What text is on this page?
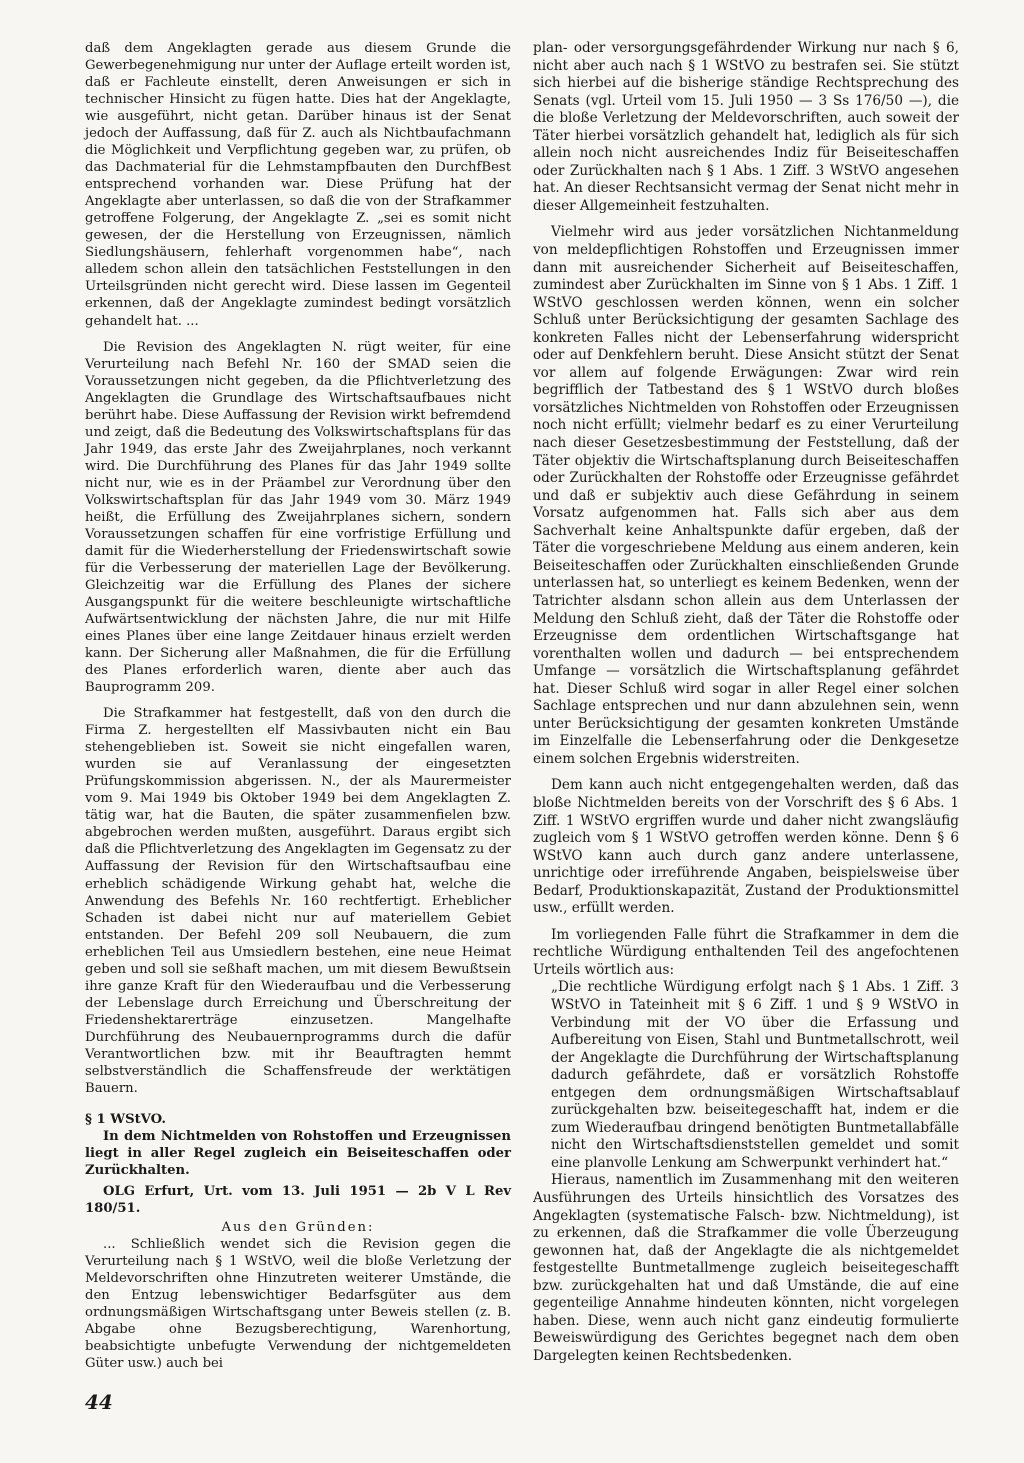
daß dem Angeklagten gerade aus diesem Grunde die Gewerbegenehmigung nur unter der Auflage erteilt worden ist, daß er Fachleute einstellt, deren Anweisungen er sich in technischer Hinsicht zu fügen hatte. Dies hat der Angeklagte, wie ausgeführt, nicht getan. Darüber hinaus ist der Senat jedoch der Auffassung, daß für Z. auch als Nichtbaufachmann die Möglichkeit und Verpflichtung gegeben war, zu prüfen, ob das Dachmaterial für die Lehmstampfbauten den DurchfBest entsprechend vorhanden war. Diese Prüfung hat der Angeklagte aber unterlassen, so daß die von der Strafkammer getroffene Folgerung, der Angeklagte Z. „sei es somit nicht gewesen, der die Herstellung von Erzeugnissen, nämlich Siedlungshäusern, fehlerhaft vorgenommen habe“, nach alledem schon allein den tatsächlichen Feststellungen in den Urteilsgründen nicht gerecht wird. Diese lassen im Gegenteil erkennen, daß der Angeklagte zumindest bedingt vorsätzlich gehandelt hat. ...

Die Revision des Angeklagten N. rügt weiter, für eine Verurteilung nach Befehl Nr. 160 der SMAD seien die Voraussetzungen nicht gegeben, da die Pflichtverletzung des Angeklagten die Grundlage des Wirtschaftsaufbaues nicht berührt habe. Diese Auffassung der Revision wirkt befremdend und zeigt, daß die Bedeutung des Volkswirtschaftsplans für das Jahr 1949, das erste Jahr des Zweijahrplanes, noch verkannt wird. Die Durchführung des Planes für das Jahr 1949 sollte nicht nur, wie es in der Präambel zur Verordnung über den Volkswirtschaftsplan für das Jahr 1949 vom 30. März 1949 heißt, die Erfüllung des Zweijahrplanes sichern, sondern Voraussetzungen schaffen für eine vorfristige Erfüllung und damit für die Wiederherstellung der Friedenswirtschaft sowie für die Verbesserung der materiellen Lage der Bevölkerung. Gleichzeitig war die Erfüllung des Planes der sichere Ausgangspunkt für die weitere beschleunigte wirtschaftliche Aufwärtsentwicklung der nächsten Jahre, die nur mit Hilfe eines Planes über eine lange Zeitdauer hinaus erzielt werden kann. Der Sicherung aller Maßnahmen, die für die Erfüllung des Planes erforderlich waren, diente aber auch das Bauprogramm 209.

Die Strafkammer hat festgestellt, daß von den durch die Firma Z. hergestellten elf Massivbauten nicht ein Bau stehengeblieben ist. Soweit sie nicht eingefallen waren, wurden sie auf Veranlassung der eingesetzten Prüfungskommission abgerissen. N., der als Maurermeister vom 9. Mai 1949 bis Oktober 1949 bei dem Angeklagten Z. tätig war, hat die Bauten, die später zusammenfielen bzw. abgebrochen werden mußten, ausgeführt. Daraus ergibt sich daß die Pflichtverletzung des Angeklagten im Gegensatz zu der Auffassung der Revision für den Wirtschaftsaufbau eine erheblich schädigende Wirkung gehabt hat, welche die Anwendung des Befehls Nr. 160 rechtfertigt. Erheblicher Schaden ist dabei nicht nur auf materiellem Gebiet entstanden. Der Befehl 209 soll Neubauern, die zum erheblichen Teil aus Umsiedlern bestehen, eine neue Heimat geben und soll sie seßhaft machen, um mit diesem Bewußtsein ihre ganze Kraft für den Wiederaufbau und die Verbesserung der Lebenslage durch Erreichung und Überschreitung der Friedenshektarerträge einzusetzen. Mangelhafte Durchführung des Neubauernprogramms durch die dafür Verantwortlichen bzw. mit ihr Beauftragten hemmt selbstverständlich die Schaffensfreude der werktätigen Bauern.

§ 1 WStVO.

In dem Nichtmelden von Rohstoffen und Erzeugnissen liegt in aller Regel zugleich ein Beiseiteschaffen oder Zurückhalten.

OLG Erfurt, Urt. vom 13. Juli 1951 — 2b V L Rev 180/51.

Aus den Gründen:

... Schließlich wendet sich die Revision gegen die Verurteilung nach § 1 WStVO, weil die bloße Verletzung der Meldevorschriften ohne Hinzutreten weiterer Umstände, die den Entzug lebenswichtiger Bedarfsgüter aus dem ordnungsmäßigen Wirtschaftsgang unter Beweis stellen (z. B. Abgabe ohne Bezugsberechtigung, Warenhortung, beabsichtigte unbefugte Verwendung der nichtgemeldeten Güter usw.) auch bei

plan- oder versorgungsgefährdender Wirkung nur nach § 6, nicht aber auch nach § 1 WStVO zu bestrafen sei. Sie stützt sich hierbei auf die bisherige ständige Rechtsprechung des Senats (vgl. Urteil vom 15. Juli 1950 — 3 Ss 176/50 —), die die bloße Verletzung der Meldevorschriften, auch soweit der Täter hierbei vorsätzlich gehandelt hat, lediglich als für sich allein noch nicht ausreichendes Indiz für Beiseiteschaffen oder Zurückhalten nach § 1 Abs. 1 Ziff. 3 WStVO angesehen hat. An dieser Rechtsansicht vermag der Senat nicht mehr in dieser Allgemeinheit festzuhalten.

Vielmehr wird aus jeder vorsätzlichen Nichtanmeldung von meldepflichtigen Rohstoffen und Erzeugnissen immer dann mit ausreichender Sicherheit auf Beiseiteschaffen, zumindest aber Zurückhalten im Sinne von § 1 Abs. 1 Ziff. 1 WStVO geschlossen werden können, wenn ein solcher Schluß unter Berücksichtigung der gesamten Sachlage des konkreten Falles nicht der Lebenserfahrung widerspricht oder auf Denkfehlern beruht. Diese Ansicht stützt der Senat vor allem auf folgende Erwägungen: Zwar wird rein begrifflich der Tatbestand des § 1 WStVO durch bloßes vorsätzliches Nichtmelden von Rohstoffen oder Erzeugnissen noch nicht erfüllt; vielmehr bedarf es zu einer Verurteilung nach dieser Gesetzesbestimmung der Feststellung, daß der Täter objektiv die Wirtschaftsplanung durch Beiseiteschaffen oder Zurückhalten der Rohstoffe oder Erzeugnisse gefährdet und daß er subjektiv auch diese Gefährdung in seinem Vorsatz aufgenommen hat. Falls sich aber aus dem Sachverhalt keine Anhaltspunkte dafür ergeben, daß der Täter die vorgeschriebene Meldung aus einem anderen, kein Beiseiteschaffen oder Zurückhalten einschließenden Grunde unterlassen hat, so unterliegt es keinem Bedenken, wenn der Tatrichter alsdann schon allein aus dem Unterlassen der Meldung den Schluß zieht, daß der Täter die Rohstoffe oder Erzeugnisse dem ordentlichen Wirtschaftsgange hat vorenthalten wollen und dadurch — bei entsprechendem Umfange — vorsätzlich die Wirtschaftsplanung gefährdet hat. Dieser Schluß wird sogar in aller Regel einer solchen Sachlage entsprechen und nur dann abzulehnen sein, wenn unter Berücksichtigung der gesamten konkreten Umstände im Einzelfalle die Lebenserfahrung oder die Denkgesetze einem solchen Ergebnis widerstreiten.

Dem kann auch nicht entgegengehalten werden, daß das bloße Nichtmelden bereits von der Vorschrift des § 6 Abs. 1 Ziff. 1 WStVO ergriffen wurde und daher nicht zwangsläufig zugleich vom § 1 WStVO getroffen werden könne. Denn § 6 WStVO kann auch durch ganz andere unterlassene, unrichtige oder irreführende Angaben, beispielsweise über Bedarf, Produktionskapazität, Zustand der Produktionsmittel usw., erfüllt werden.

Im vorliegenden Falle führt die Strafkammer in dem die rechtliche Würdigung enthaltenden Teil des angefochtenen Urteils wörtlich aus:

„Die rechtliche Würdigung erfolgt nach § 1 Abs. 1 Ziff. 3 WStVO in Tateinheit mit § 6 Ziff. 1 und § 9 WStVO in Verbindung mit der VO über die Erfassung und Aufbereitung von Eisen, Stahl und Buntmetallschrott, weil der Angeklagte die Durchführung der Wirtschaftsplanung dadurch gefährdete, daß er vorsätzlich Rohstoffe entgegen dem ordnungsmäßigen Wirtschaftsablauf zurückgehalten bzw. beiseitegeschafft hat, indem er die zum Wiederaufbau dringend benötigten Buntmetallabfälle nicht den Wirtschaftsdienststellen gemeldet und somit eine planvolle Lenkung am Schwerpunkt verhindert hat.“

Hieraus, namentlich im Zusammenhang mit den weiteren Ausführungen des Urteils hinsichtlich des Vorsatzes des Angeklagten (systematische Falsch- bzw. Nichtmeldung), ist zu erkennen, daß die Strafkammer die volle Überzeugung gewonnen hat, daß der Angeklagte die als nichtgemeldet festgestellte Buntmetallmenge zugleich beiseitegeschafft bzw. zurückgehalten hat und daß Umstände, die auf eine gegenteilige Annahme hindeuten könnten, nicht vorgelegen haben. Diese, wenn auch nicht ganz eindeutig formulierte Beweiswürdigung des Gerichtes begegnet nach dem oben Dargelegten keinen Rechtsbedenken.

44
